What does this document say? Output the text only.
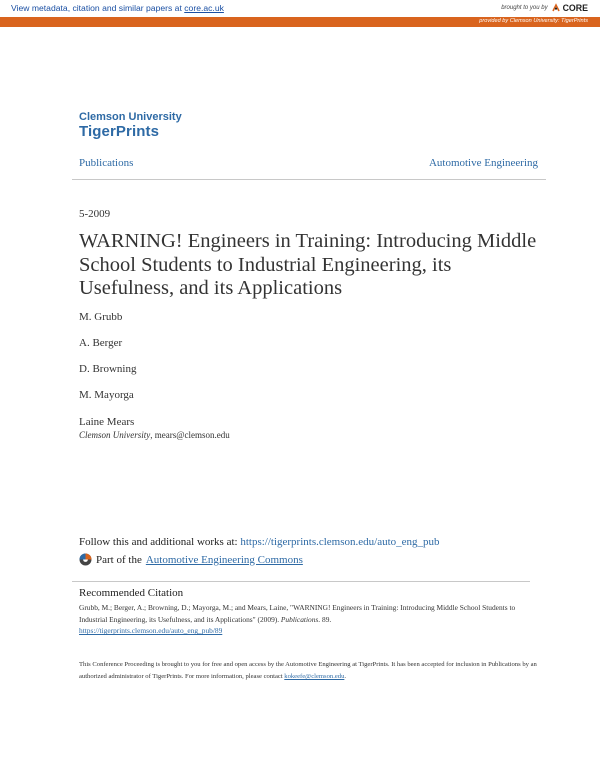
View metadata, citation and similar papers at core.ac.uk	brought to you by CORE
provided by Clemson University: TigerPrints
Clemson University
TigerPrints
Publications	Automotive Engineering
5-2009
WARNING! Engineers in Training: Introducing Middle School Students to Industrial Engineering, its Usefulness, and its Applications
M. Grubb
A. Berger
D. Browning
M. Mayorga
Laine Mears
Clemson University, mears@clemson.edu
Follow this and additional works at: https://tigerprints.clemson.edu/auto_eng_pub
Part of the Automotive Engineering Commons
Recommended Citation
Grubb, M.; Berger, A.; Browning, D.; Mayorga, M.; and Mears, Laine, "WARNING! Engineers in Training: Introducing Middle School Students to Industrial Engineering, its Usefulness, and its Applications" (2009). Publications. 89.
https://tigerprints.clemson.edu/auto_eng_pub/89
This Conference Proceeding is brought to you for free and open access by the Automotive Engineering at TigerPrints. It has been accepted for inclusion in Publications by an authorized administrator of TigerPrints. For more information, please contact kokeefe@clemson.edu.
